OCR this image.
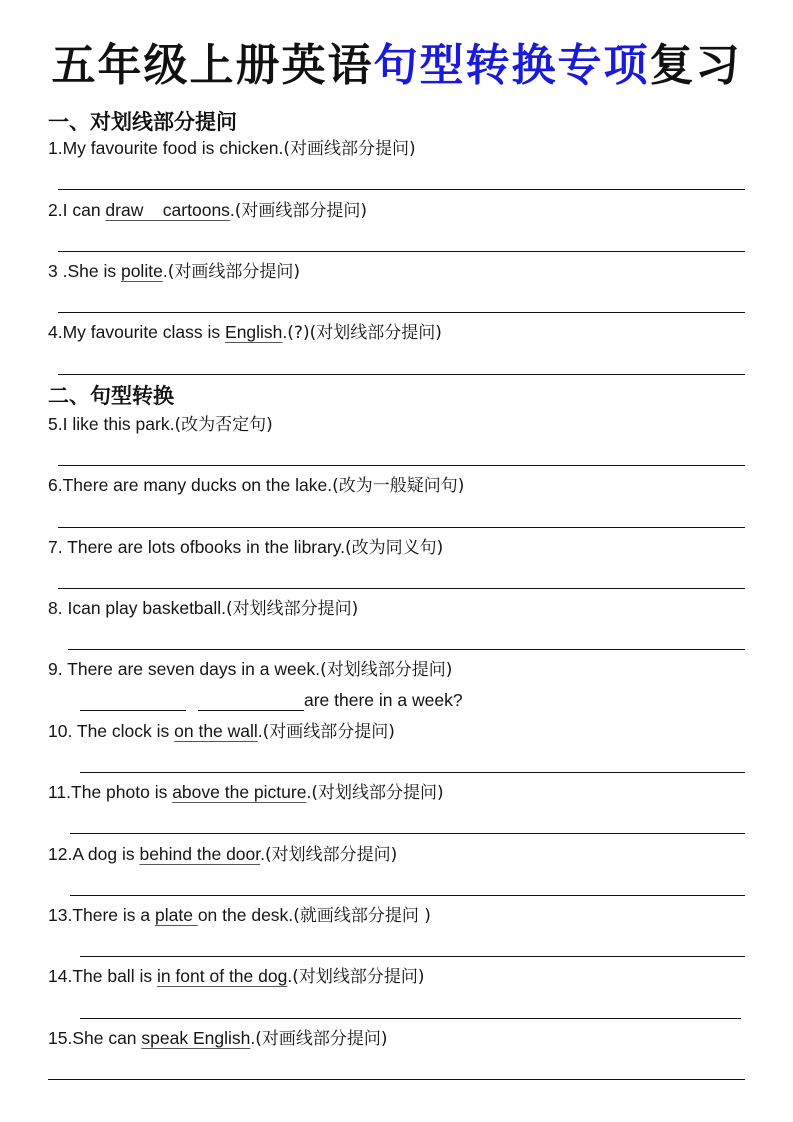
五年级上册英语句型转换专项复习
一、对划线部分提问
1.My favourite food is chicken.(对画线部分提问)
2.I can draw    cartoons.(对画线部分提问)
3 .She is polite.(对画线部分提问)
4.My favourite class is English.(?)(对划线部分提问)
二、句型转换
5.I like this park.(改为否定句)
6.There are many ducks on the lake.(改为一般疑问句)
7. There are lots ofbooks in the library.(改为同义句)
8. Ican play basketball.(对划线部分提问)
9. There are seven days in a week.(对划线部分提问)
are there in a week?
10. The clock is on the wall.(对画线部分提问)
11.The photo is above the picture.(对划线部分提问)
12.A dog is behind the door.(对划线部分提问)
13.There is a plate on the desk.(就画线部分提问 )
14.The ball is in font of the dog.(对划线部分提问)
15.She can speak English.(对画线部分提问)
